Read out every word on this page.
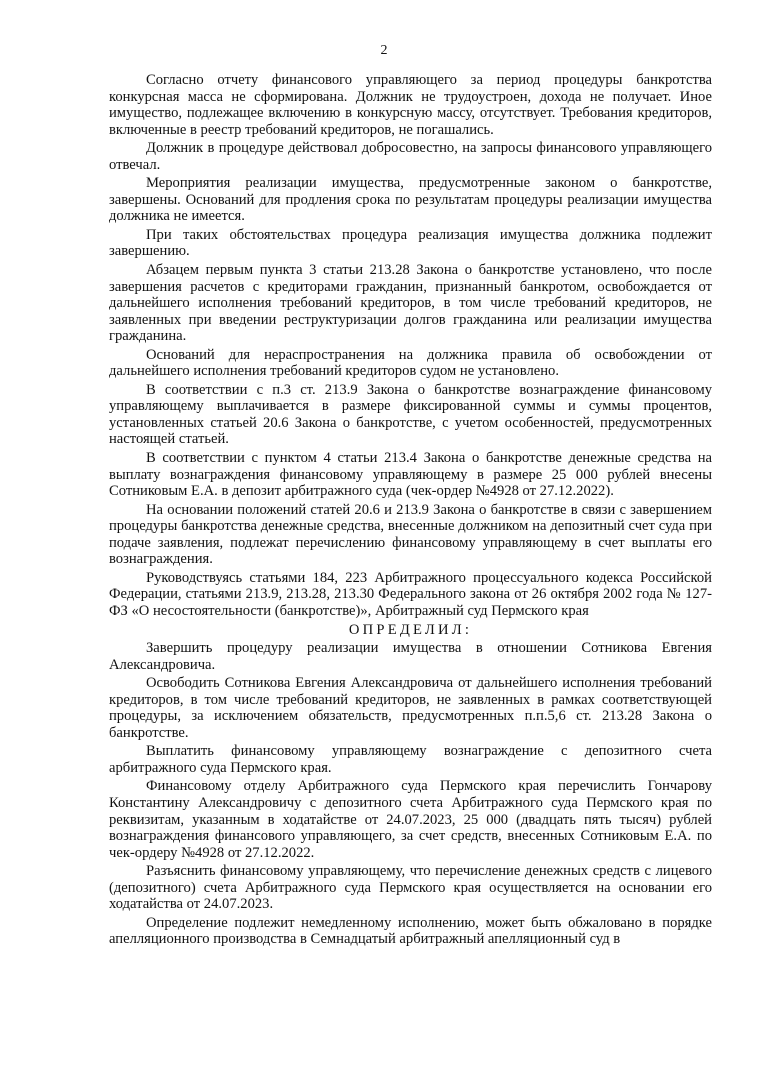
2

Согласно отчету финансового управляющего за период процедуры банкротства конкурсная масса не сформирована. Должник не трудоустроен, дохода не получает. Иное имущество, подлежащее включению в конкурсную массу, отсутствует. Требования кредиторов, включенные в реестр требований кредиторов, не погашались.

Должник в процедуре действовал добросовестно, на запросы финансового управляющего отвечал.

Мероприятия реализации имущества, предусмотренные законом о банкротстве, завершены. Оснований для продления срока по результатам процедуры реализации имущества должника не имеется.

При таких обстоятельствах процедура реализация имущества должника подлежит завершению.

Абзацем первым пункта 3 статьи 213.28 Закона о банкротстве установлено, что после завершения расчетов с кредиторами гражданин, признанный банкротом, освобождается от дальнейшего исполнения требований кредиторов, в том числе требований кредиторов, не заявленных при введении реструктуризации долгов гражданина или реализации имущества гражданина.

Оснований для нераспространения на должника правила об освобождении от дальнейшего исполнения требований кредиторов судом не установлено.

В соответствии с п.3 ст. 213.9 Закона о банкротстве вознаграждение финансовому управляющему выплачивается в размере фиксированной суммы и суммы процентов, установленных статьей 20.6 Закона о банкротстве, с учетом особенностей, предусмотренных настоящей статьей.

В соответствии с пунктом 4 статьи 213.4 Закона о банкротстве денежные средства на выплату вознаграждения финансовому управляющему в размере 25 000 рублей внесены Сотниковым Е.А. в депозит арбитражного суда (чек-ордер №4928 от 27.12.2022).

На основании положений статей 20.6 и 213.9 Закона о банкротстве в связи с завершением процедуры банкротства денежные средства, внесенные должником на депозитный счет суда при подаче заявления, подлежат перечислению финансовому управляющему в счет выплаты его вознаграждения.

Руководствуясь статьями 184, 223 Арбитражного процессуального кодекса Российской Федерации, статьями 213.9, 213.28, 213.30 Федерального закона от 26 октября 2002 года № 127-ФЗ «О несостоятельности (банкротстве)», Арбитражный суд Пермского края

ОПРЕДЕЛИЛ:

Завершить процедуру реализации имущества в отношении Сотникова Евгения Александровича.

Освободить Сотникова Евгения Александровича от дальнейшего исполнения требований кредиторов, в том числе требований кредиторов, не заявленных в рамках соответствующей процедуры, за исключением обязательств, предусмотренных п.п.5,6 ст. 213.28 Закона о банкротстве.

Выплатить финансовому управляющему вознаграждение с депозитного счета арбитражного суда Пермского края.

Финансовому отделу Арбитражного суда Пермского края перечислить Гончарову Константину Александровичу с депозитного счета Арбитражного суда Пермского края по реквизитам, указанным в ходатайстве от 24.07.2023, 25 000 (двадцать пять тысяч) рублей вознаграждения финансового управляющего, за счет средств, внесенных Сотниковым Е.А. по чек-ордеру №4928 от 27.12.2022.

Разъяснить финансовому управляющему, что перечисление денежных средств с лицевого (депозитного) счета Арбитражного суда Пермского края осуществляется на основании его ходатайства от 24.07.2023.

Определение подлежит немедленному исполнению, может быть обжаловано в порядке апелляционного производства в Семнадцатый арбитражный апелляционный суд в
